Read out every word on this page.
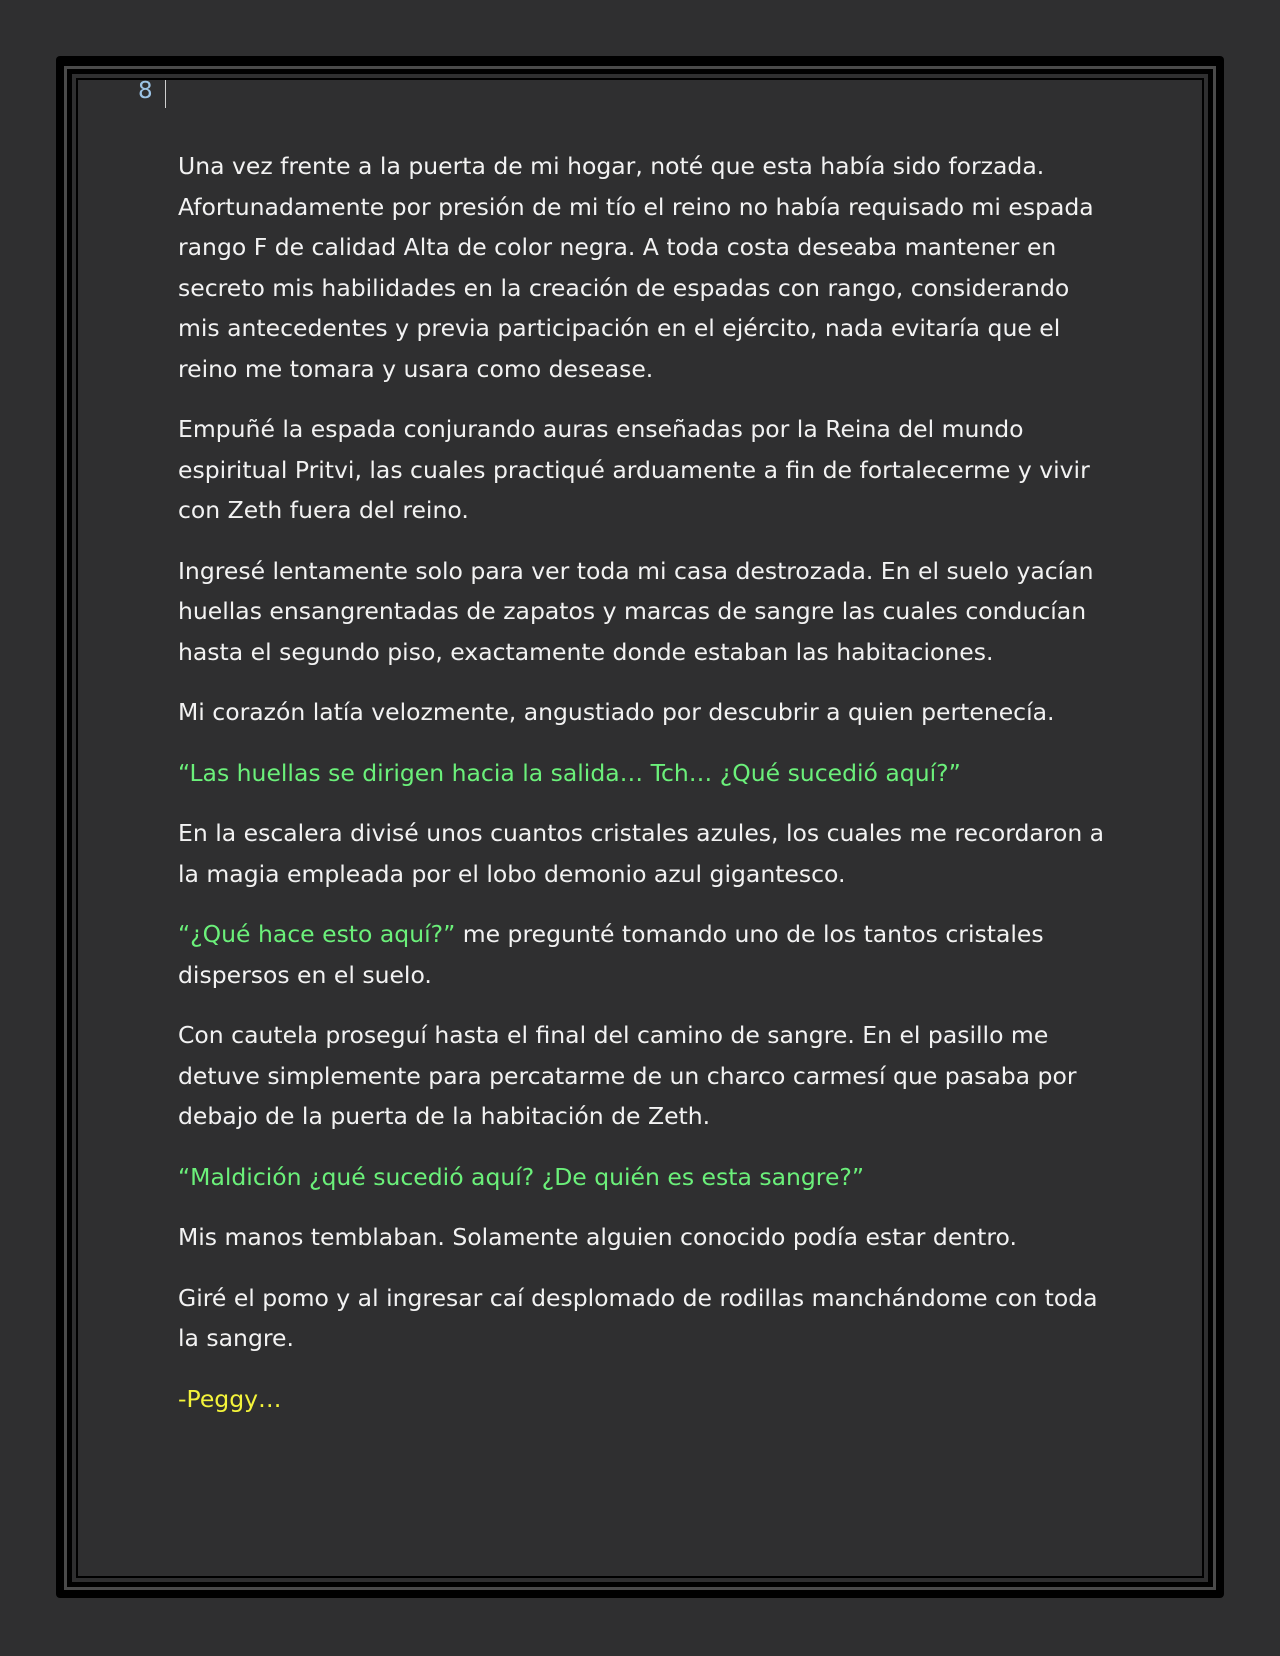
8

Una vez frente a la puerta de mi hogar, noté que esta había sido forzada. Afortunadamente por presión de mi tío el reino no había requisado mi espada rango F de calidad Alta de color negra. A toda costa deseaba mantener en secreto mis habilidades en la creación de espadas con rango, considerando mis antecedentes y previa participación en el ejército, nada evitaría que el reino me tomara y usara como desease.

Empuñé la espada conjurando auras enseñadas por la Reina del mundo espiritual Pritvi, las cuales practiqué arduamente a fin de fortalecerme y vivir con Zeth fuera del reino.

Ingresé lentamente solo para ver toda mi casa destrozada. En el suelo yacían huellas ensangrentadas de zapatos y marcas de sangre las cuales conducían hasta el segundo piso, exactamente donde estaban las habitaciones.

Mi corazón latía velozmente, angustiado por descubrir a quien pertenecía.

“Las huellas se dirigen hacia la salida… Tch… ¿Qué sucedió aquí?”

En la escalera divisé unos cuantos cristales azules, los cuales me recordaron a la magia empleada por el lobo demonio azul gigantesco.

“¿Qué hace esto aquí?” me pregunté tomando uno de los tantos cristales dispersos en el suelo.

Con cautela proseguí hasta el final del camino de sangre. En el pasillo me detuve simplemente para percatarme de un charco carmesí que pasaba por debajo de la puerta de la habitación de Zeth.

“Maldición ¿qué sucedió aquí? ¿De quién es esta sangre?”

Mis manos temblaban. Solamente alguien conocido podía estar dentro.

Giré el pomo y al ingresar caí desplomado de rodillas manchándome con toda la sangre.

-Peggy…
